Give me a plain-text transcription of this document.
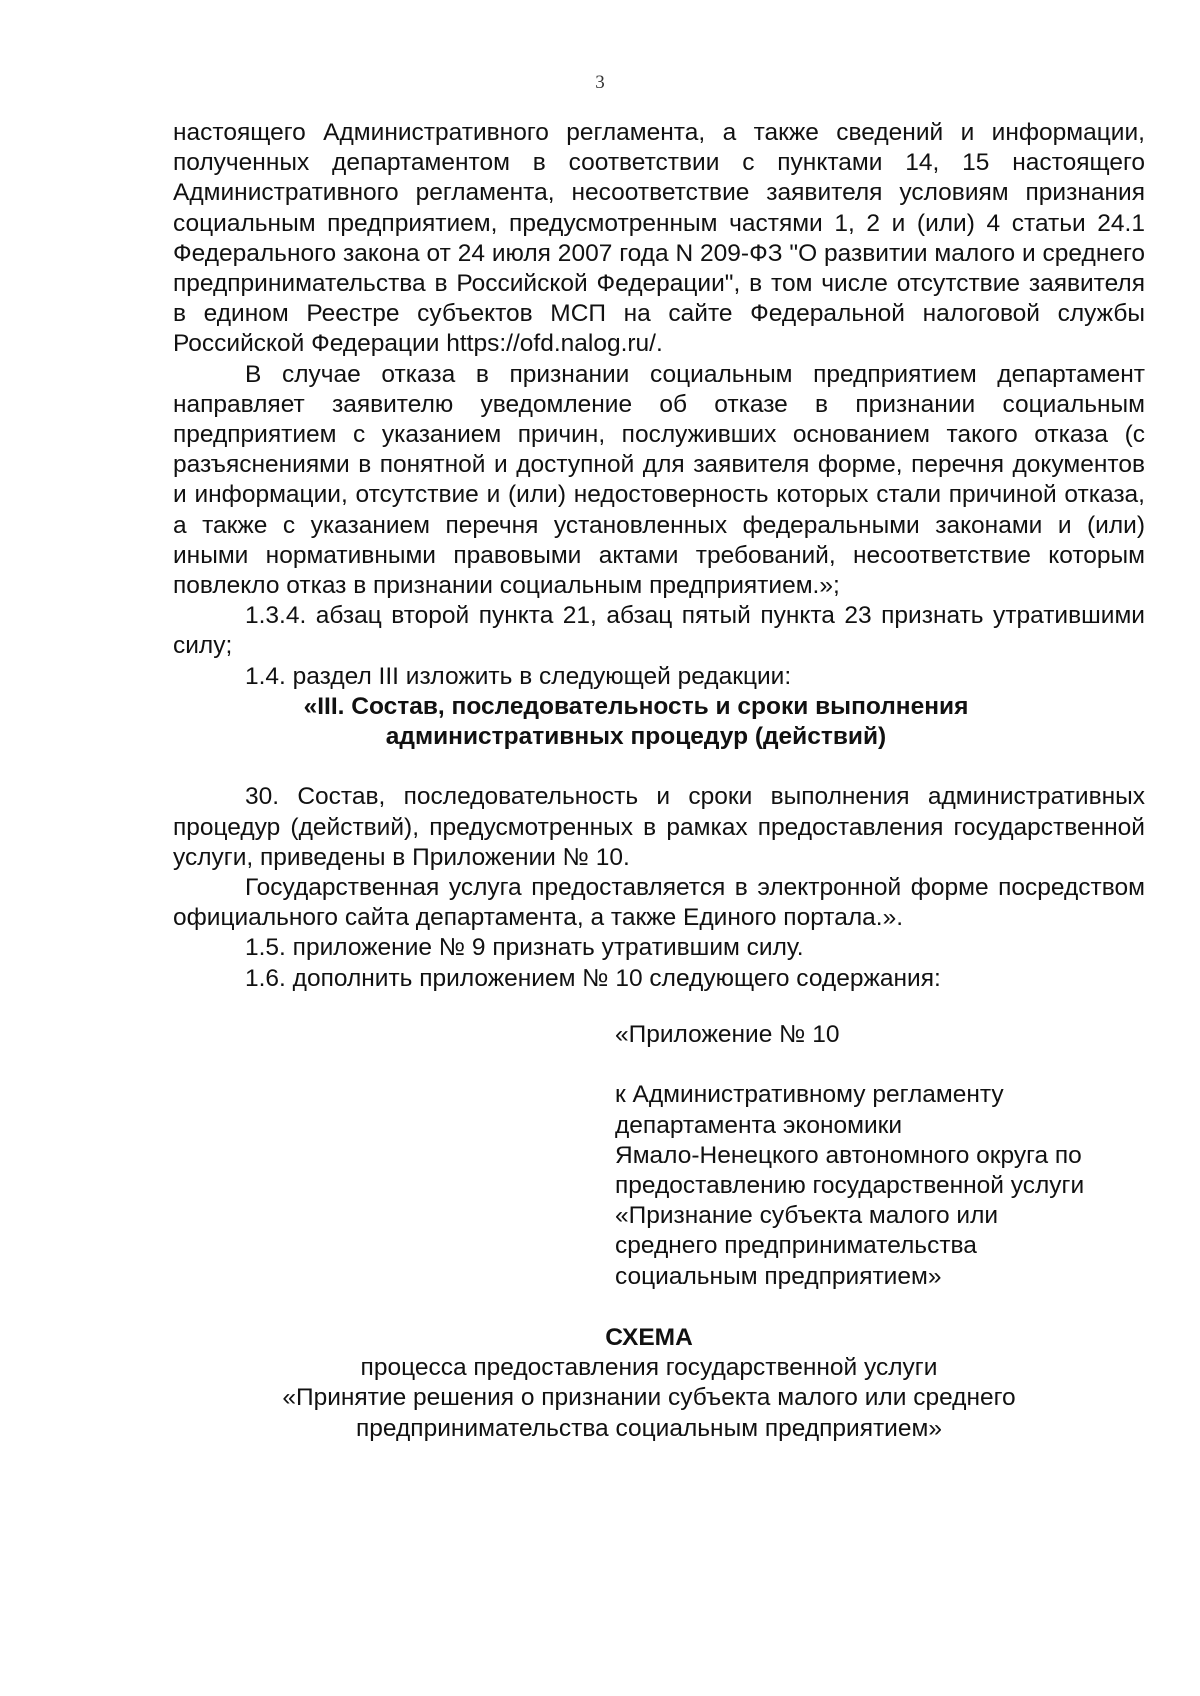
3

настоящего Административного регламента, а также сведений и информации, полученных департаментом в соответствии с пунктами 14, 15 настоящего Административного регламента, несоответствие заявителя условиям признания социальным предприятием, предусмотренным частями 1, 2 и (или) 4 статьи 24.1 Федерального закона от 24 июля 2007 года N 209-ФЗ "О развитии малого и среднего предпринимательства в Российской Федерации", в том числе отсутствие заявителя в едином Реестре субъектов МСП на сайте Федеральной налоговой службы Российской Федерации https://ofd.nalog.ru/.

В случае отказа в признании социальным предприятием департамент направляет заявителю уведомление об отказе в признании социальным предприятием с указанием причин, послуживших основанием такого отказа (с разъяснениями в понятной и доступной для заявителя форме, перечня документов и информации, отсутствие и (или) недостоверность которых стали причиной отказа, а также с указанием перечня установленных федеральными законами и (или) иными нормативными правовыми актами требований, несоответствие которым повлекло отказ в признании социальным предприятием.»;

1.3.4. абзац второй пункта 21, абзац пятый пункта 23 признать утратившими силу;

1.4. раздел III изложить в следующей редакции:

«III. Состав, последовательность и сроки выполнения

административных процедур (действий)

30. Состав, последовательность и сроки выполнения административных процедур (действий), предусмотренных в рамках предоставления государственной услуги, приведены в Приложении № 10.

Государственная услуга предоставляется в электронной форме посредством официального сайта департамента, а также Единого портала.».

1.5. приложение № 9 признать утратившим силу.

1.6. дополнить приложением № 10 следующего содержания:

«Приложение № 10

к Административному регламенту
департамента экономики
Ямало-Ненецкого автономного округа по
предоставлению государственной услуги
«Признание субъекта малого или
среднего предпринимательства
социальным предприятием»
СХЕМА
процесса предоставления государственной услуги
«Принятие решения о признании субъекта малого или среднего
предпринимательства социальным предприятием»
